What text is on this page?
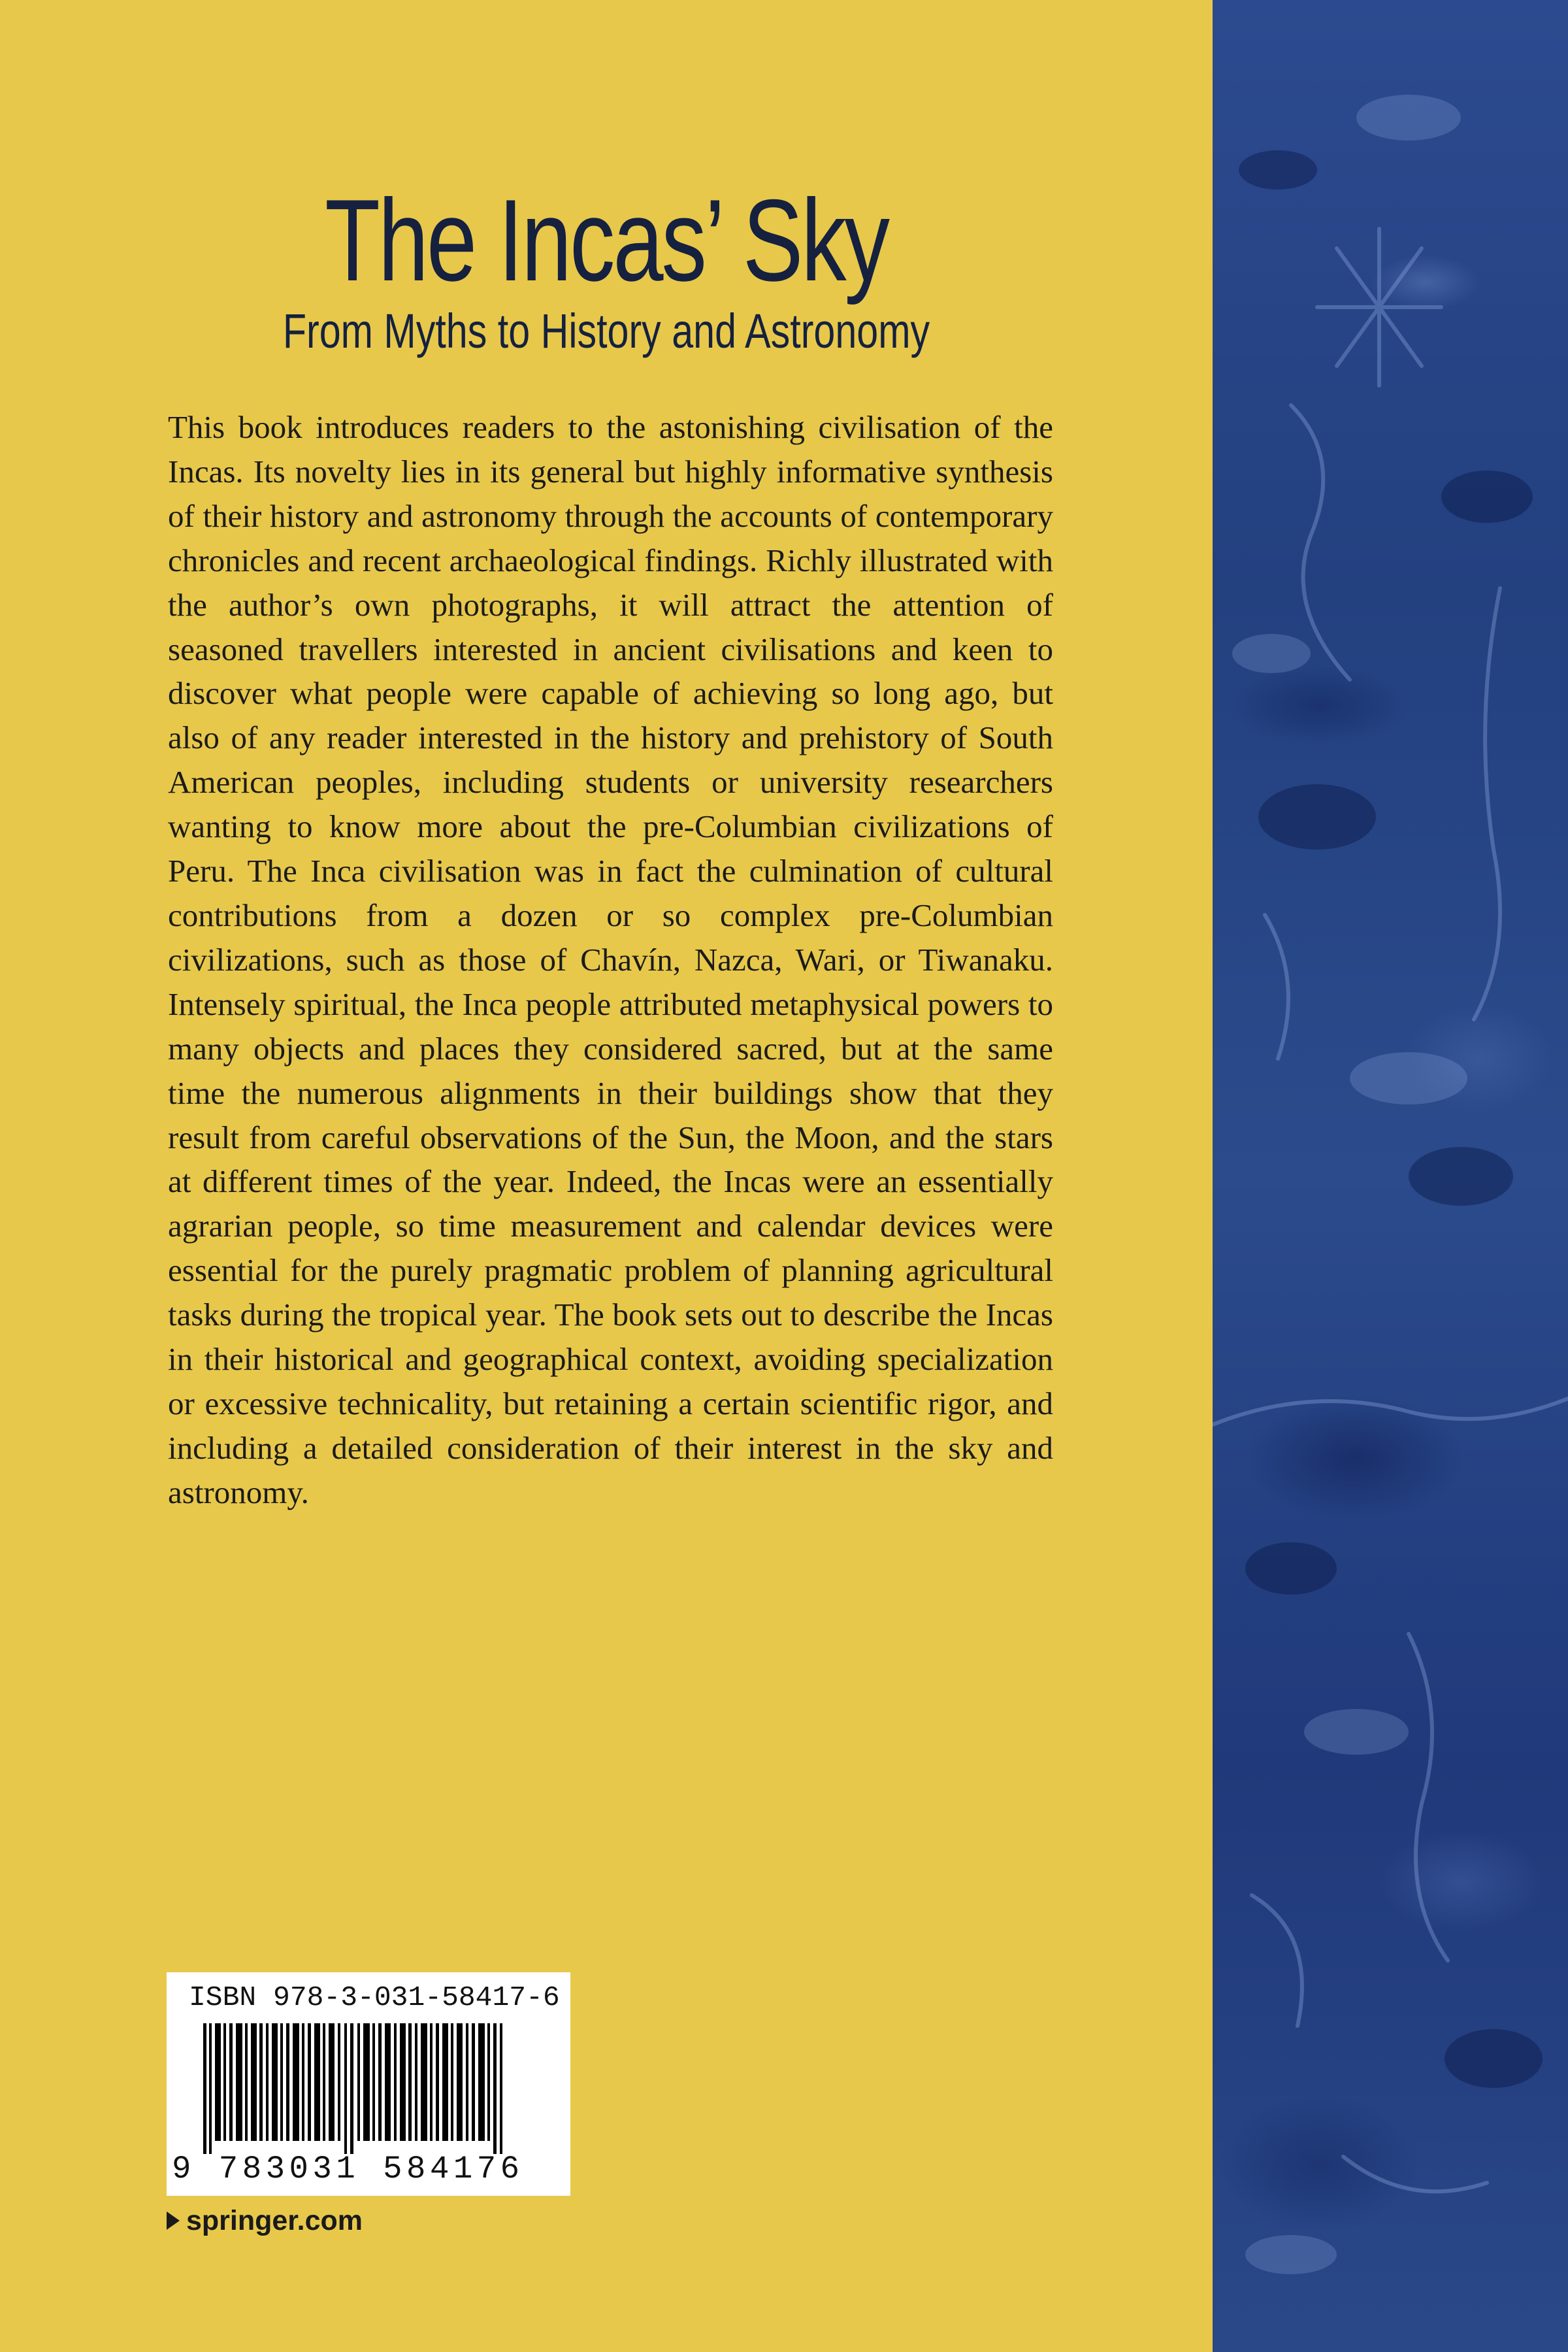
The Incas’ Sky
From Myths to History and Astronomy

This book introduces readers to the astonishing civilisation of the Incas. Its novelty lies in its general but highly informative synthesis of their history and astronomy through the accounts of contemporary chronicles and recent archaeological findings. Richly illustrated with the author’s own photographs, it will attract the attention of seasoned travellers interested in ancient civilisations and keen to discover what people were capable of achieving so long ago, but also of any reader interested in the history and prehistory of South American peoples, including students or university researchers wanting to know more about the pre-Columbian civilizations of Peru. The Inca civilisation was in fact the culmination of cultural contributions from a dozen or so complex pre-Columbian civilizations, such as those of Chavín, Nazca, Wari, or Tiwanaku. Intensely spiritual, the Inca people attributed metaphysical powers to many objects and places they considered sacred, but at the same time the numerous alignments in their buildings show that they result from careful observations of the Sun, the Moon, and the stars at different times of the year. Indeed, the Incas were an essentially agrarian people, so time measurement and calendar devices were essential for the purely pragmatic problem of planning agricultural tasks during the tropical year. The book sets out to describe the Incas in their historical and geographical context, avoiding specialization or excessive technicality, but retaining a certain scientific rigor, and including a detailed consideration of their interest in the sky and astronomy.

ISBN 978-3-031-58417-6

9 783031 584176

springer.com
